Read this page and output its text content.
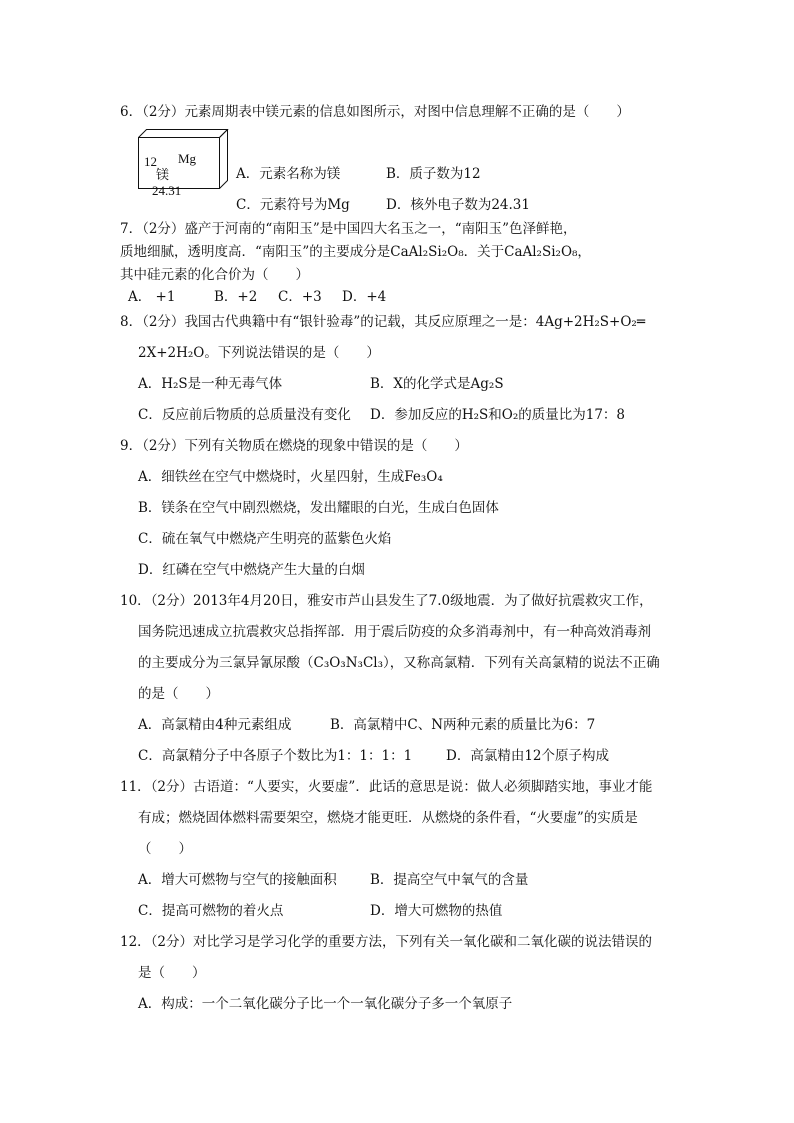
6．（2分）元素周期表中镁元素的信息如图所示，对图中信息理解不正确的是（　　）
12 Mg
镁
24.31
A．元素名称为镁	B．质子数为12
C．元素符号为Mg	D．核外电子数为24.31
7．（2分）盛产于河南的“南阳玉”是中国四大名玉之一，“南阳玉”色泽鲜艳，
质地细腻，透明度高．“南阳玉”的主要成分是CaAl₂Si₂O₈．关于CaAl₂Si₂O₈，
其中硅元素的化合价为（　　）
A． +1	B．+2 C．+3 D．+4
8．（2分）我国古代典籍中有“银针验毒”的记载，其反应原理之一是：4Ag+2H₂S+O₂═
2X+2H₂O。下列说法错误的是（　　）
A．H₂S是一种无毒气体	B．X的化学式是Ag₂S
C．反应前后物质的总质量没有变化 D．参加反应的H₂S和O₂的质量比为17：8
9．（2分）下列有关物质在燃烧的现象中错误的是（　　）
A．细铁丝在空气中燃烧时，火星四射，生成Fe₃O₄
B．镁条在空气中剧烈燃烧，发出耀眼的白光，生成白色固体
C．硫在氧气中燃烧产生明亮的蓝紫色火焰
D．红磷在空气中燃烧产生大量的白烟
10．（2分）2013年4月20日，雅安市芦山县发生了7.0级地震．为了做好抗震救灾工作，
国务院迅速成立抗震救灾总指挥部．用于震后防疫的众多消毒剂中，有一种高效消毒剂
的主要成分为三氯异氰尿酸（C₃O₃N₃Cl₃），又称高氯精．下列有关高氯精的说法不正确
的是（　　）
A．高氯精由4种元素组成	B．高氯精中C、N两种元素的质量比为6：7
C．高氯精分子中各原子个数比为1：1：1：1	D．高氯精由12个原子构成
11．（2分）古语道：“人要实，火要虚”．此话的意思是说：做人必须脚踏实地，事业才能
有成；燃烧固体燃料需要架空，燃烧才能更旺．从燃烧的条件看，“火要虚”的实质是
（　　）
A．增大可燃物与空气的接触面积 B．提高空气中氧气的含量
C．提高可燃物的着火点	D．增大可燃物的热值
12．（2分）对比学习是学习化学的重要方法，下列有关一氧化碳和二氧化碳的说法错误的
是（　　）
A．构成：一个二氧化碳分子比一个一氧化碳分子多一个氧原子
